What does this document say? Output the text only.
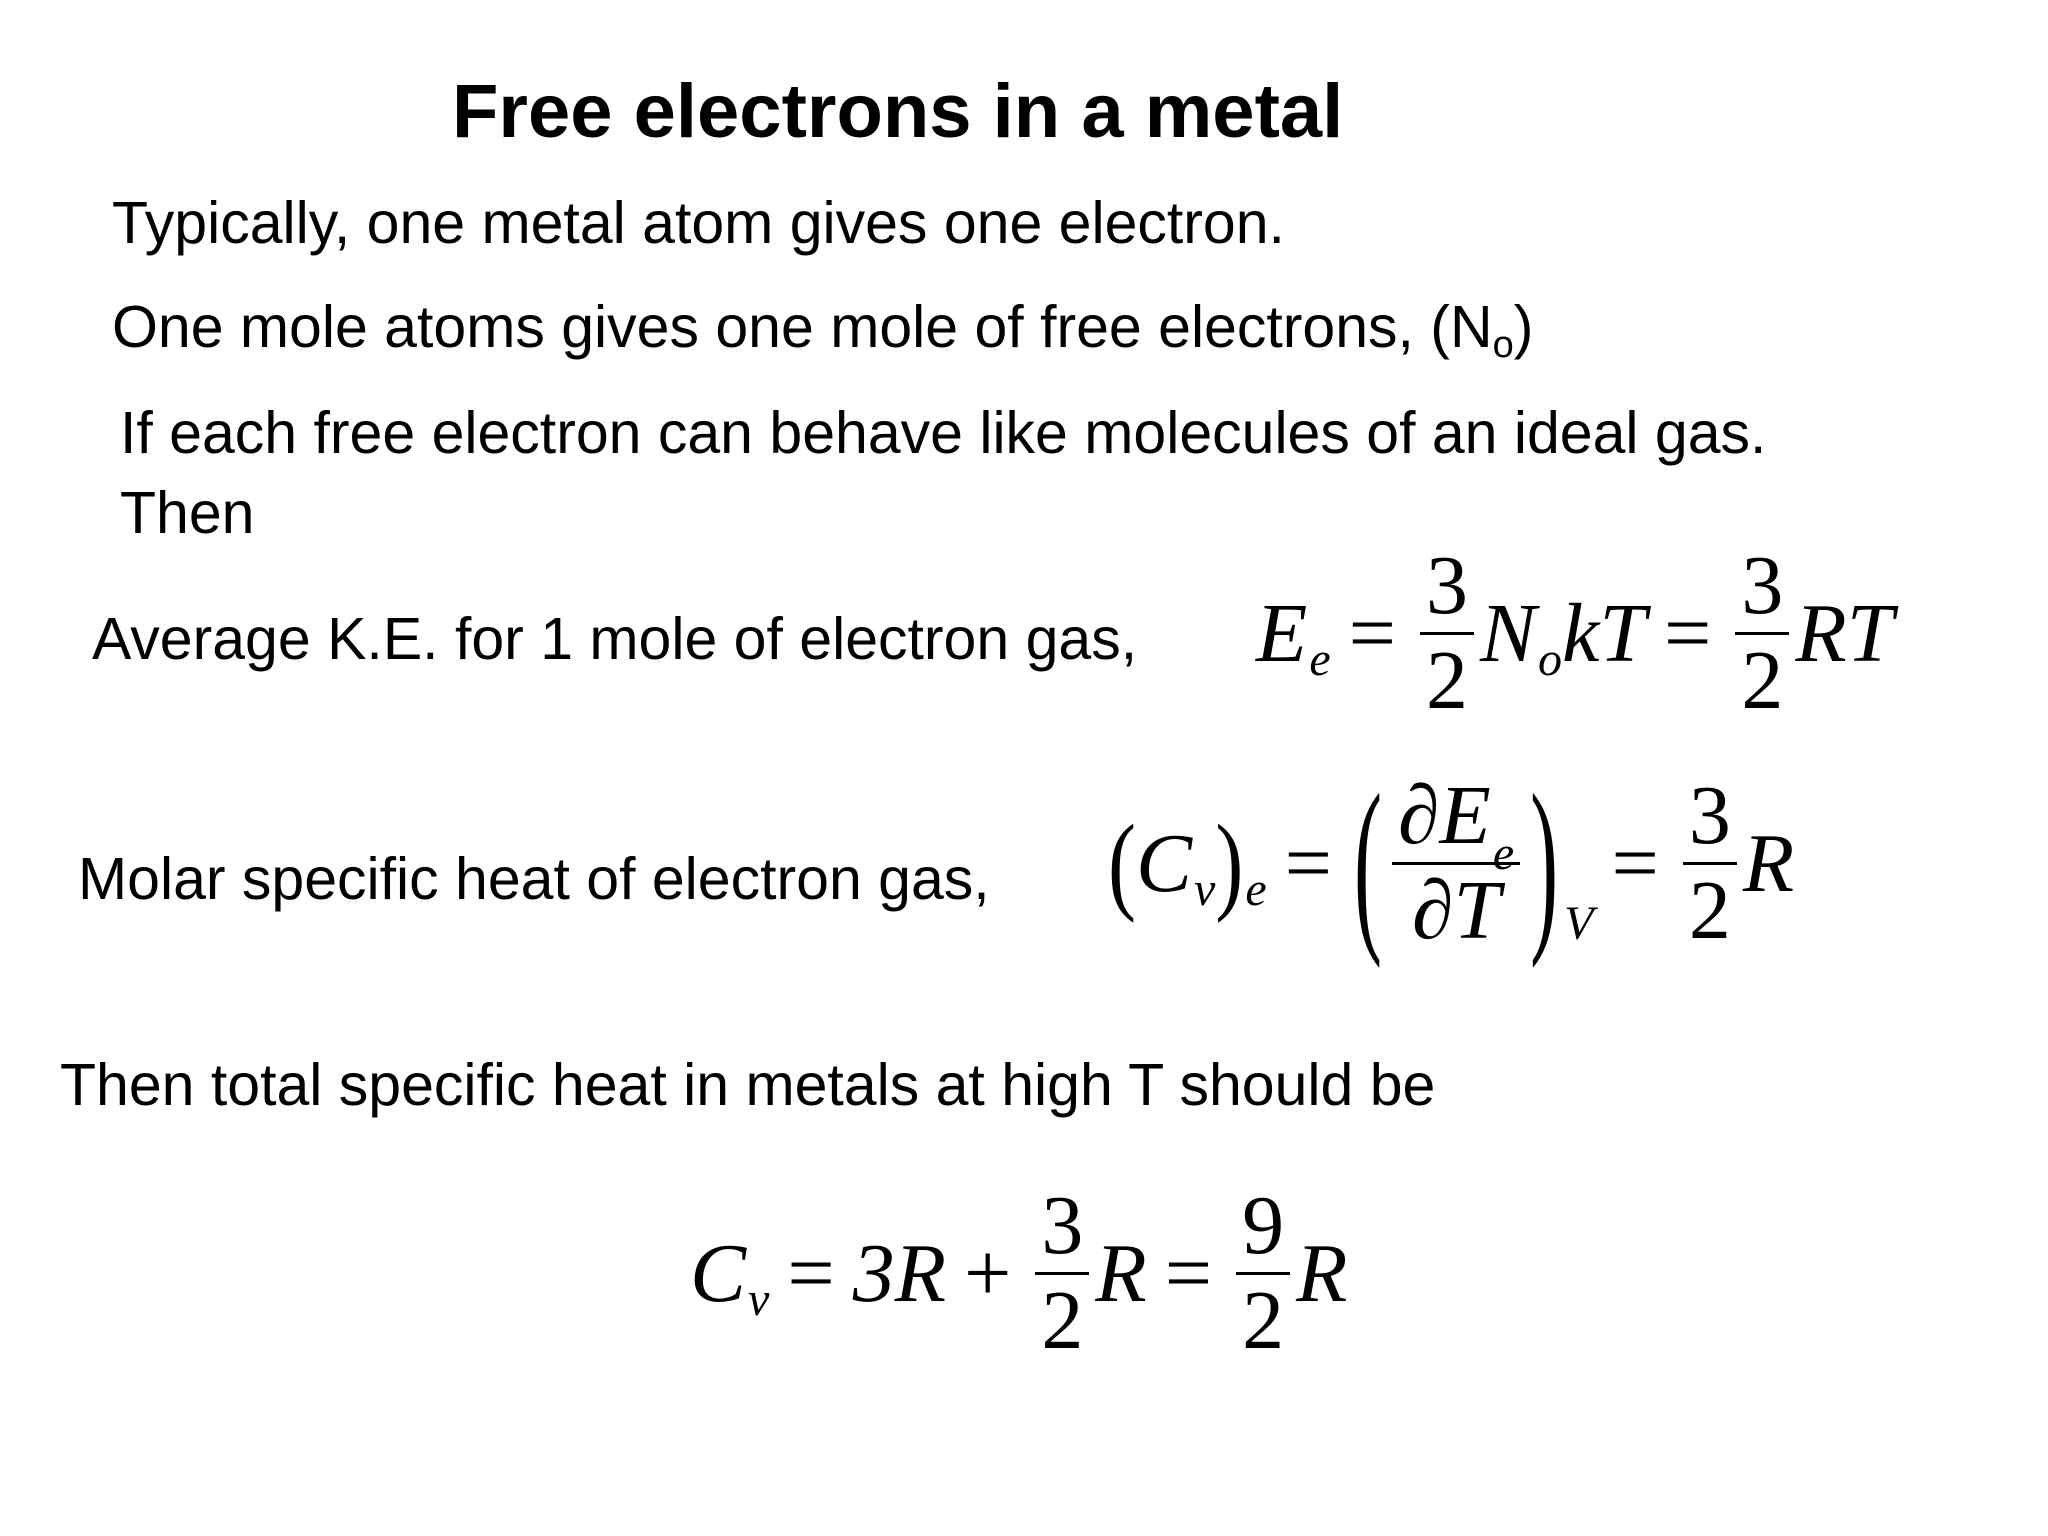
Free electrons in a metal
Typically, one metal atom gives one electron.
One mole atoms gives one mole of free electrons, $(N_o)$
If each free electron can behave like molecules of an ideal gas.
Then
Average K.E. for 1 mole of electron gas, E $e = \frac{3}{2}$ N o kT = $\frac{3}{2}$ RT
Molar specific heat of electron gas, ( C v ) e = ( $\frac{\partial E_e}{\partial T}$ ) V
= $\frac{3}{2}$ R
Then total specific heat in metals at high T should be
C $v = 3R + \frac{3}{2}$ $R = \frac{9}{2}$ R
